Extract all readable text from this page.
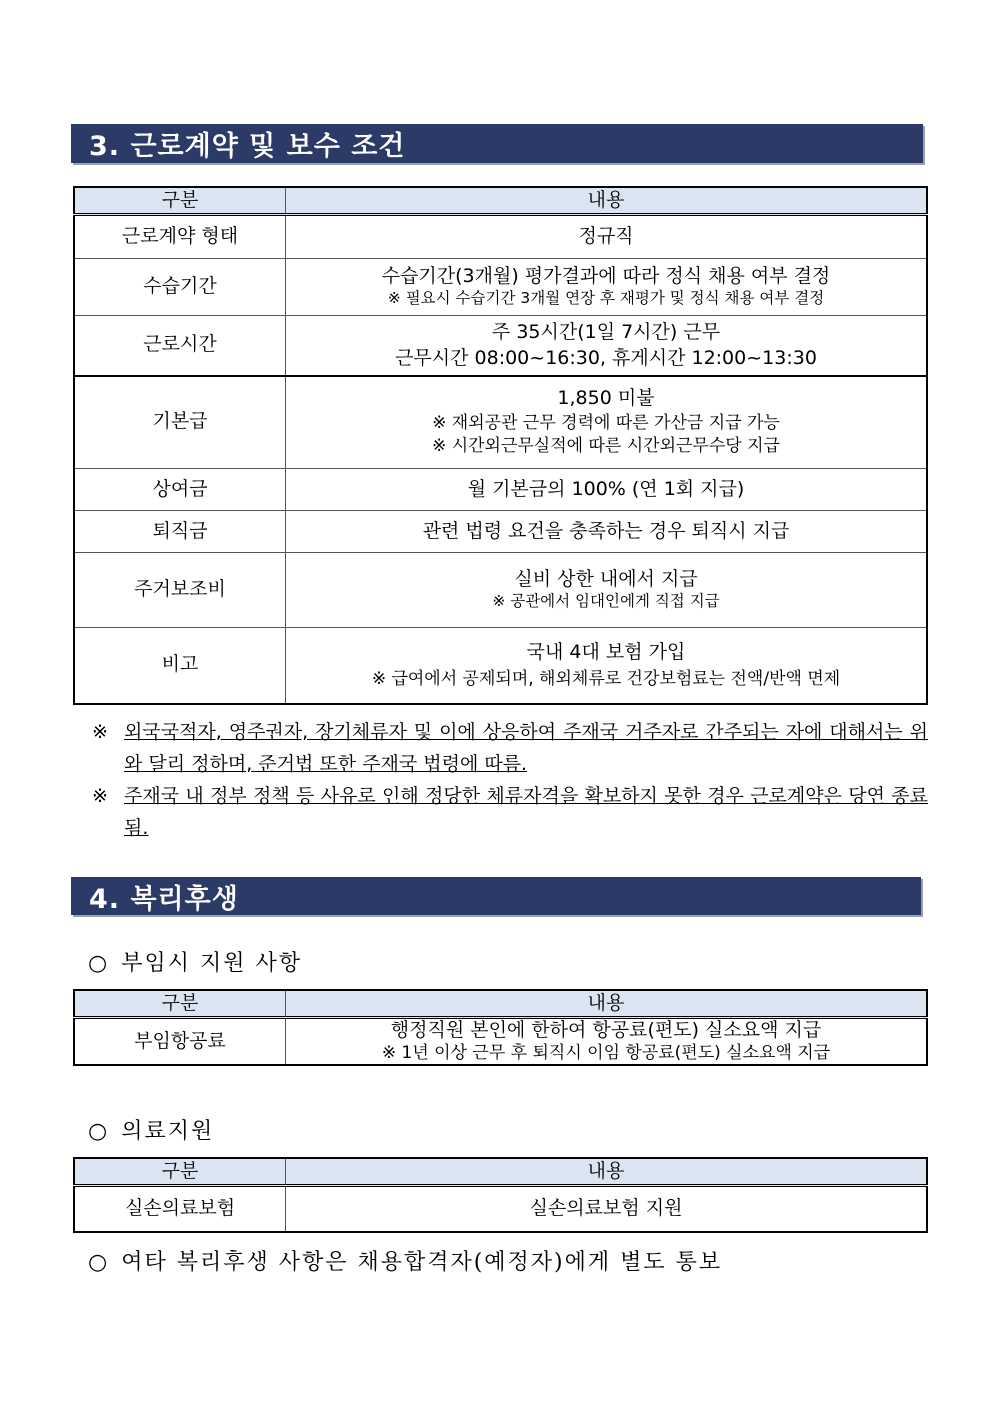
3. 근로계약 및 보수 조건
구분	내용
근로계약 형태	정규직

수습기간	수습기간(3개월) 평가결과에 따라 정식 채용 여부 결정
※ 필요시 수습기간 3개월 연장 후 재평가 및 정식 채용 여부 결정

근로시간	주 35시간(1일 7시간) 근무
근무시간 08:00~16:30, 휴게시간 12:00~13:30

기본급	1,850 미불
※ 재외공관 근무 경력에 따른 가산금 지급 가능
※ 시간외근무실적에 따른 시간외근무수당 지급

상여금	월 기본금의 100% (연 1회 지급)

퇴직금	관련 법령 요건을 충족하는 경우 퇴직시 지급

주거보조비	실비 상한 내에서 지급
※ 공관에서 임대인에게 직접 지급

비고	국내 4대 보험 가입
※ 급여에서 공제되며, 해외체류로 건강보험료는 전액/반액 면제
※ 외국국적자, 영주권자, 장기체류자 및 이에 상응하여 주재국 거주자로 간주되는 자에 대해서는 위와 달리 정하며, 준거법 또한 주재국 법령에 따름.
※ 주재국 내 정부 정책 등 사유로 인해 정당한 체류자격을 확보하지 못한 경우 근로계약은 당연 종료됨.
4. 복리후생
○ 부임시 지원 사항
구분	내용
부임항공료	행정직원 본인에 한하여 항공료(편도) 실소요액 지급
※ 1년 이상 근무 후 퇴직시 이임 항공료(편도) 실소요액 지급
○ 의료지원
구분	내용
실손의료보험	실손의료보험 지원
○ 여타 복리후생 사항은 채용합격자(예정자)에게 별도 통보
